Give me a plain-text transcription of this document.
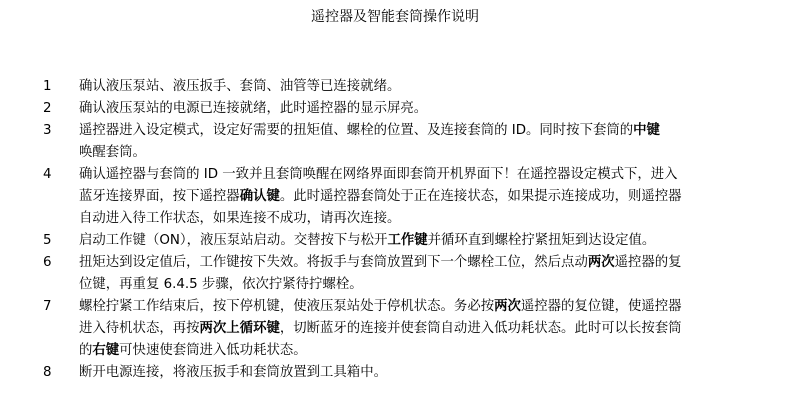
遥控器及智能套筒操作说明
1	确认液压泵站、液压扳手、套筒、油管等已连接就绪。
2	确认液压泵站的电源已连接就绪，此时遥控器的显示屏亮。
3	遥控器进入设定模式，设定好需要的扭矩值、螺栓的位置、及连接套筒的 ID。同时按下套筒的中键
唤醒套筒。
4	确认遥控器与套筒的 ID 一致并且套筒唤醒在网络界面即套筒开机界面下！在遥控器设定模式下，进入
蓝牙连接界面，按下遥控器确认键。此时遥控器套筒处于正在连接状态，如果提示连接成功，则遥控器
自动进入待工作状态，如果连接不成功，请再次连接。
5	启动工作键（ON），液压泵站启动。交替按下与松开工作键并循环直到螺栓拧紧扭矩到达设定值。
6	扭矩达到设定值后，工作键按下失效。将扳手与套筒放置到下一个螺栓工位，然后点动两次遥控器的复
位键，再重复 6.4.5 步骤，依次拧紧待拧螺栓。
7	螺栓拧紧工作结束后，按下停机键，使液压泵站处于停机状态。务必按两次遥控器的复位键，使遥控器
进入待机状态，再按两次上循环键，切断蓝牙的连接并使套筒自动进入低功耗状态。此时可以长按套筒
的右键可快速使套筒进入低功耗状态。
8	断开电源连接，将液压扳手和套筒放置到工具箱中。
